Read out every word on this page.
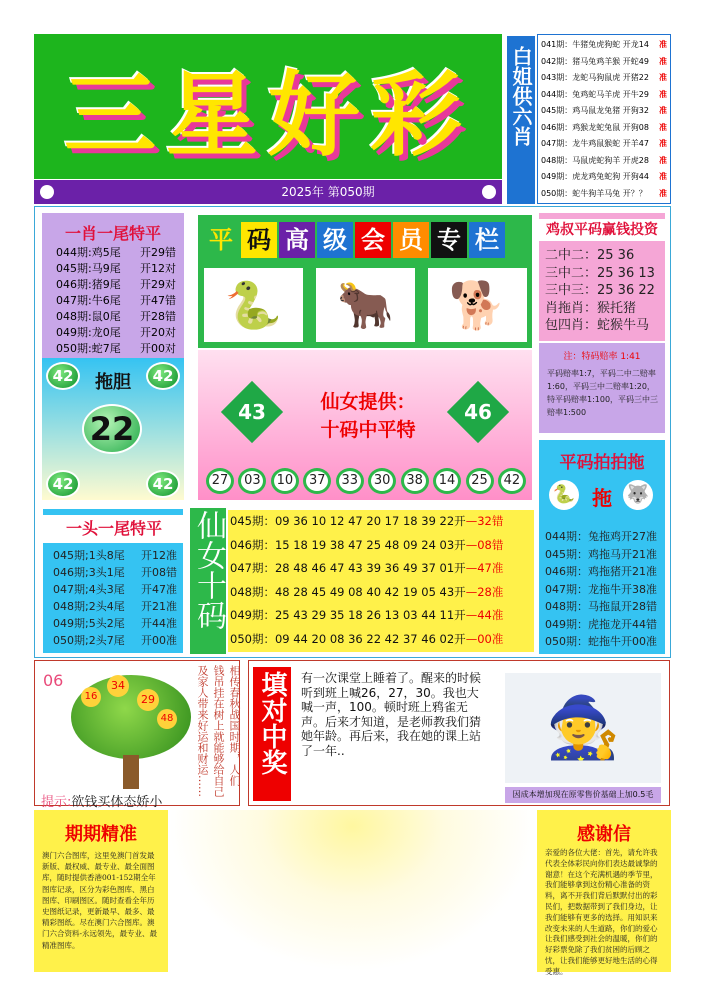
三星好彩
2025年 第050期
白姐供六肖
041期：牛猪兔虎狗蛇 开龙14 准
042期：猪马兔鸡羊猴 开蛇49 准
043期：龙蛇马狗鼠虎 开猪22 准
044期：兔鸡蛇马羊虎 开牛29 准
045期：鸡马鼠龙兔猪 开狗32 准
046期：鸡猴龙蛇兔鼠 开狗08 准
047期：龙牛鸡鼠猴蛇 开羊47 准
048期：马鼠虎蛇狗羊 开虎28 准
049期：虎龙鸡兔蛇狗 开狗44 准
050期：蛇牛狗羊马兔 开？？ 准
一肖一尾特平
044期:鸡5尾 开29错
045期:马9尾 开12对
046期:猪9尾 开29对
047期:牛6尾 开47错
048期:鼠0尾 开28错
049期:龙0尾 开20对
050期:蛇7尾 开00对
42	拖胆	42
22
42	42
一头一尾特平
045期;1头8尾 开12准
046期;3头1尾 开08错
047期;4头3尾 开47准
048期;2头4尾 开21准
049期;5头2尾 开44准
050期;2头7尾 开00准
平 码 高 级 会 员 专 栏
🐍	🐂	🐕
43	仙女提供：
十码中平特
46
27	03	10	37	33	30	38	14	25	42
仙女十码 045期：09 36 10 12 47 20 17 18 39 22开—32错
046期：15 18 19 38 47 25 48 09 24 03开—08错
047期：28 48 46 47 43 39 36 49 37 01开—47准
048期：48 28 45 49 08 40 42 19 05 43开—28准
049期：25 43 29 35 18 26 13 03 44 11开—44准
050期：09 44 20 08 36 22 42 37 46 02开—00准
鸡叔平码赢钱投资
二中二：25 36
三中二：25 36 13
三中三：25 36 22
肖拖肖：猴托猪
包四肖：蛇猴牛马
注：特码赔率 1:41
平码赔率1:7，平码二中二赔率1:60，平码三中二赔率1:20，特平码赔率1:100，平码三中三赔率1:500
平码拍拍拖
🐍 拖 🐺
044期：兔拖鸡开27准
045期：鸡拖马开21准
046期：鸡拖猪开21准
047期：龙拖牛开38准
048期：马拖鼠开28错
049期：虎拖龙开44错
050期：蛇拖牛开00准
06
16
34
29
48
提示:欲钱买体态娇小
相传春秋战国时期，人们
钱吊挂在树上就能够给自己
及家人带来好运和财运…… 填对中奖	有一次课堂上睡着了。醒来的时候听到班上喊26，27，30。我也大喊一声，100。顿时班上鸦雀无声。后来才知道，是老师教我们猜她年龄。再后来，我在她的课上站了一年..	🧙
因成本增加现在原零售价基础上加0.5毛
期期精准
澳门六合图库，这里免澳门首发最新版、最权威、最专业、最全面图库，随时提供香港001-152期全年图库记录，区分为彩色图库、黑白图库、印刷图区。随时查看全年历史图纸记录，更新最早、最多、最精彩图纸。尽在澳门六合图库。澳门六合资料-永远领先，最专业、最精准图库。
感谢信
亲爱的各位大佬：首先，请允许我代表全体彩民向你们表达最诚挚的谢意！在这个充满机遇的季节里，我们能够拿到这份精心准备的资料，离不开我们背后默默付出的彩民们，把数据带到了我们身边，让我们能够有更多的选择。用知识来改变未来的人生道路，你们的爱心让我们感受到社会的温暖，你们的好彩票免除了我们贫困的后顾之忧，让我们能够更好地生活的心得受惠。
